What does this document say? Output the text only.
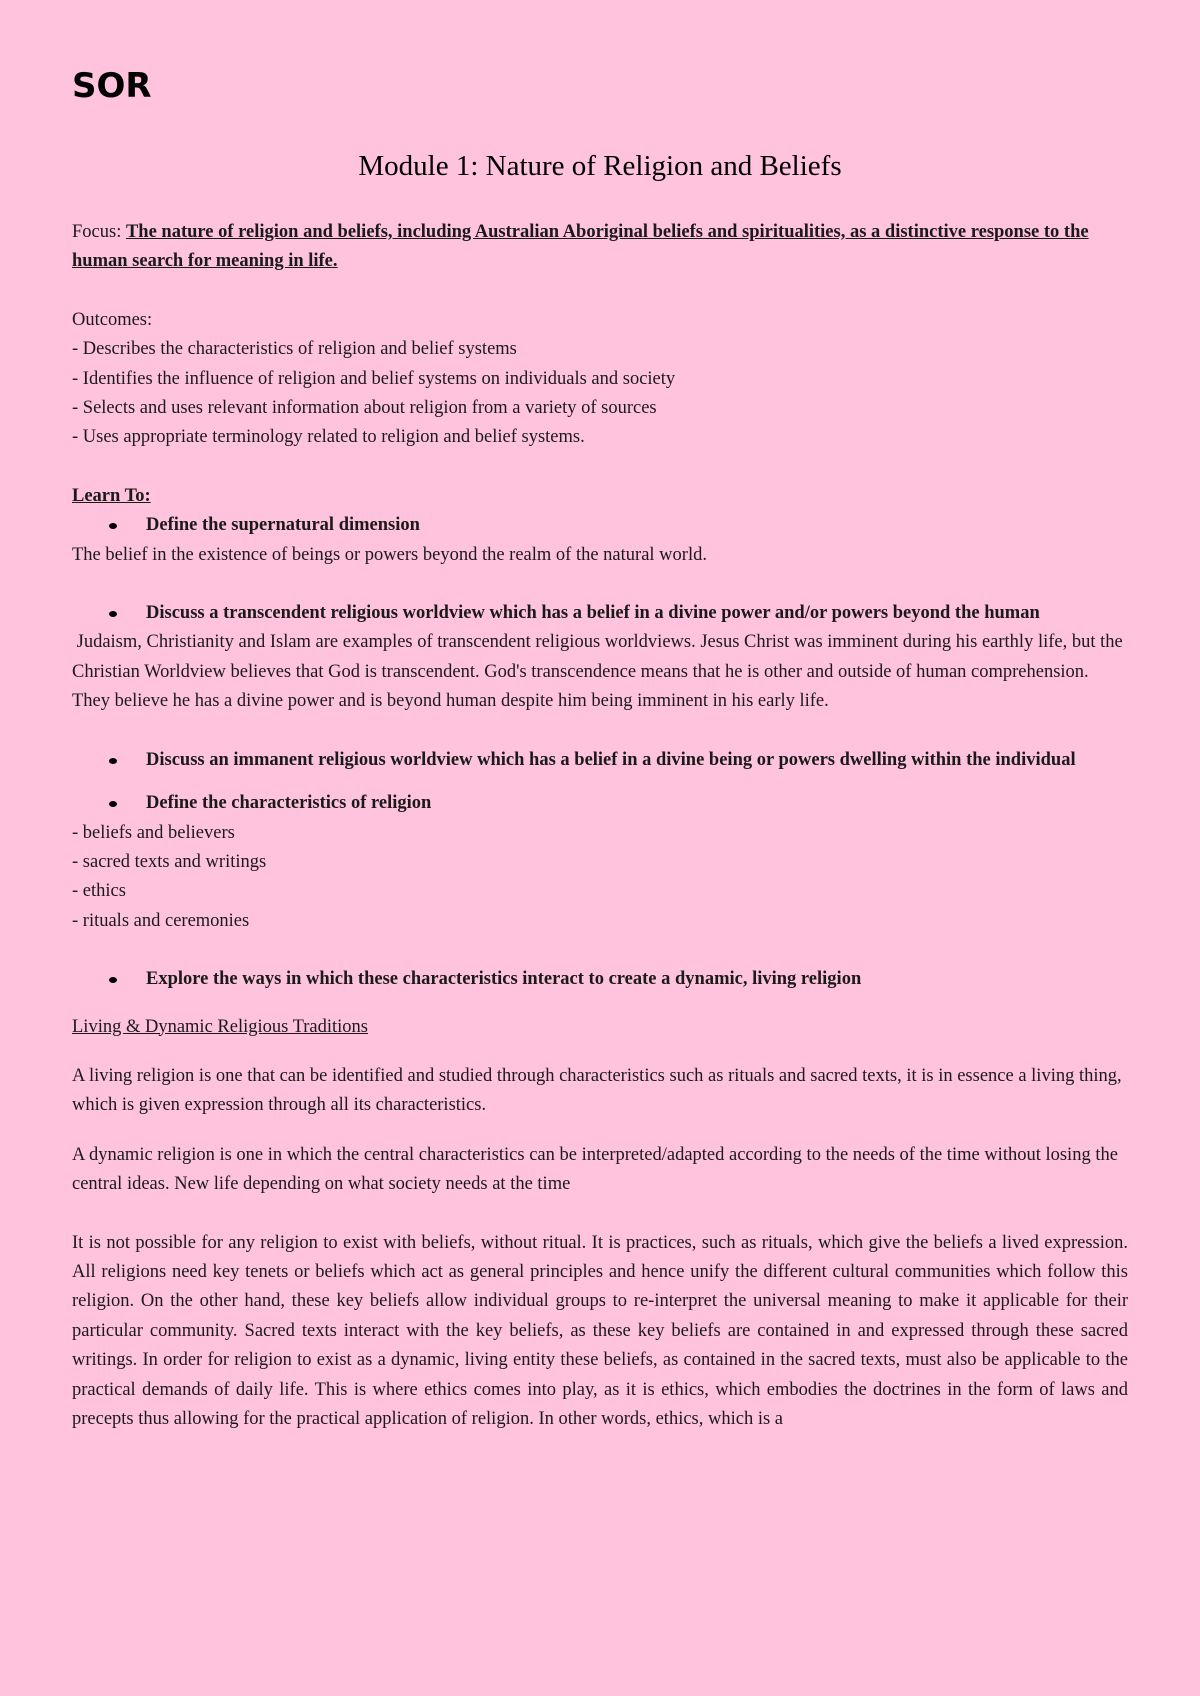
SOR
Module 1: Nature of Religion and Beliefs

Focus: The nature of religion and beliefs, including Australian Aboriginal beliefs and spiritualities, as a distinctive response to the human search for meaning in life.

Outcomes:
- Describes the characteristics of religion and belief systems
- Identifies the influence of religion and belief systems on individuals and society
- Selects and uses relevant information about religion from a variety of sources
- Uses appropriate terminology related to religion and belief systems.
Learn To:
Define the supernatural dimension
The belief in the existence of beings or powers beyond the realm of the natural world.
Discuss a transcendent religious worldview which has a belief in a divine power and/or powers beyond the human

Judaism, Christianity and Islam are examples of transcendent religious worldviews. Jesus Christ was imminent during his earthly life, but the Christian Worldview believes that God is transcendent. God's transcendence means that he is other and outside of human comprehension. They believe he has a divine power and is beyond human despite him being imminent in his early life.

Discuss an immanent religious worldview which has a belief in a divine being or powers dwelling within the individual
Define the characteristics of religion
- beliefs and believers
- sacred texts and writings
- ethics
- rituals and ceremonies
Explore the ways in which these characteristics interact to create a dynamic, living religion
Living & Dynamic Religious Traditions

A living religion is one that can be identified and studied through characteristics such as rituals and sacred texts, it is in essence a living thing, which is given expression through all its characteristics.

A dynamic religion is one in which the central characteristics can be interpreted/adapted according to the needs of the time without losing the central ideas. New life depending on what society needs at the time

It is not possible for any religion to exist with beliefs, without ritual. It is practices, such as rituals, which give the beliefs a lived expression. All religions need key tenets or beliefs which act as general principles and hence unify the different cultural communities which follow this religion. On the other hand, these key beliefs allow individual groups to re-interpret the universal meaning to make it applicable for their particular community. Sacred texts interact with the key beliefs, as these key beliefs are contained in and expressed through these sacred writings. In order for religion to exist as a dynamic, living entity these beliefs, as contained in the sacred texts, must also be applicable to the practical demands of daily life. This is where ethics comes into play, as it is ethics, which embodies the doctrines in the form of laws and precepts thus allowing for the practical application of religion. In other words, ethics, which is a
